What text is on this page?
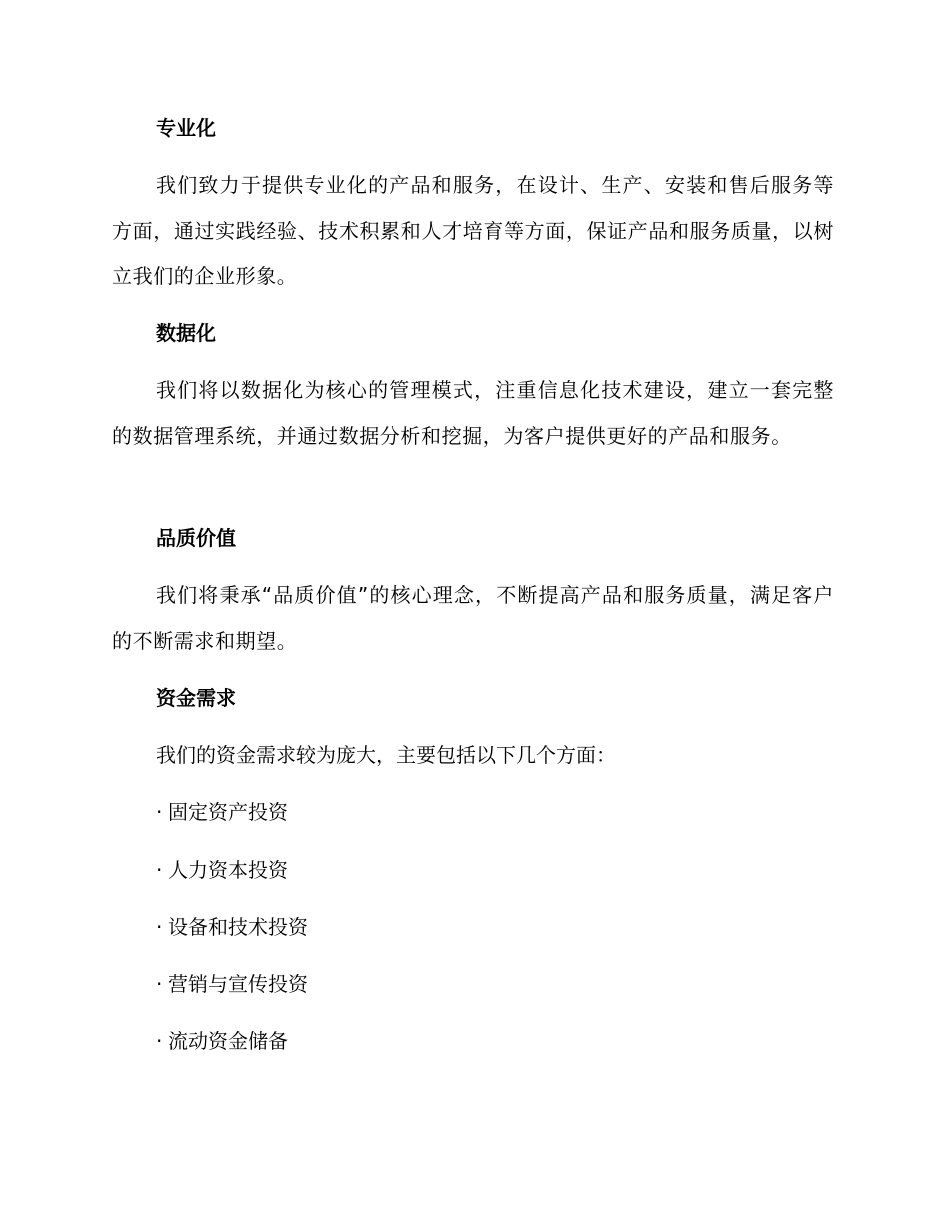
专业化

我们致力于提供专业化的产品和服务，在设计、生产、安装和售后服务等方面，通过实践经验、技术积累和人才培育等方面，保证产品和服务质量，以树立我们的企业形象。

数据化

我们将以数据化为核心的管理模式，注重信息化技术建设，建立一套完整的数据管理系统，并通过数据分析和挖掘，为客户提供更好的产品和服务。

品质价值

我们将秉承“品质价值”的核心理念，不断提高产品和服务质量，满足客户的不断需求和期望。

资金需求
我们的资金需求较为庞大，主要包括以下几个方面：
· 固定资产投资
· 人力资本投资
· 设备和技术投资
· 营销与宣传投资
· 流动资金储备
